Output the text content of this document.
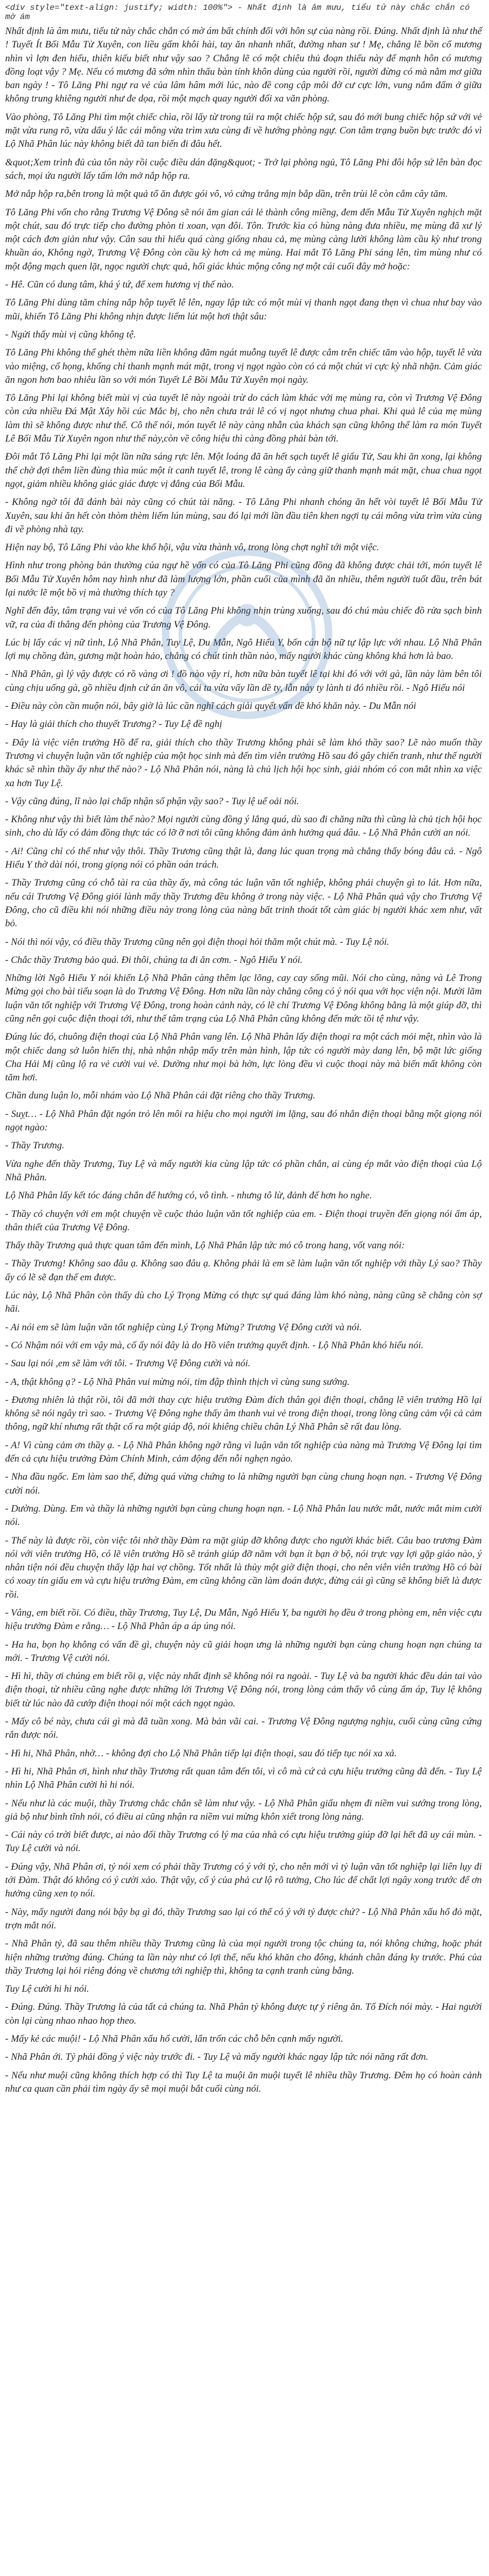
<div style="text-align: justify; width: 100%"> - Nhất định là âm mưu, tiểu tử này chắc chắn có mờ ám

Nhất định là âm mưu, tiểu tử này chắc chắn có mờ ám bất chính đối với hôn sự của nàng rồi. Đúng. Nhất định là như thế ! Tuyết Ít Bối Mẫu Tử Xuyên, con liều gấm khôi hài, tay ăn nhanh nhất, đường nhan sư ! Mẹ, chẳng lẽ bồn cổ mương nhìn vì lợn đen hiểu, thiên kiếu biết như vậy sao ? Chẳng lẽ có một chiêu thủ đoạn thiếu này để mạnh hôn có mương đồng loạt vậy ? Mẹ. Nếu có mương đã sớm nhìn thấu bàn tính khôn dùng của người rồi, người đừng có mà nằm mơ giữa ban ngày ! - Tô Lăng Phi ngự ra vẻ của lâm hâm mới lúc, nào đề cong cập môi đờ cư cực lớn, vung nắm đấm ở giữa không trung khiêng người như đe dọa, rồi một mạch quay người đối xa văn phòng.

Vào phòng, Tô Lăng Phi tìm một chiếc chìa, rồi lấy từ trong túi ra một chiếc hộp sứ, sau đó mới bung chiếc hộp sứ với vẻ mặt vừa rung rõ, vừa dấu ý lắc cái mông vừa trìm xưa cùng đi về hướng phòng ngự. Con tâm trạng buồn bực trước đó vì Lộ Nhã Phân lúc này không biết đã tan biến đi đâu hết.

&quot;Xem trình đủ của tôn này rồi cuộc điều dán đặng&quot; - Trở lại phòng ngủ, Tô Lăng Phi đôi hộp sứ lên bàn đọc sách, mọi ứa người lấy tấm lớn mở nắp hộp ra.

Mở nắp hộp ra,bên trong là một quả tổ ăn được gói vô, vỏ cứng trắng mịn bắp dần, trên trùi lê còn cắm cây tăm.

Tô Lăng Phi vốn cho rằng Trương Vệ Đông sẽ nói ăm gian cái lẻ thành công miềng, đem đến Mẫu Tử Xuyên nghịch mặt một chút, sau đó trực tiếp cho đường phòn ti xoan, vạn đôi. Tôn. Trước kìa có hùng nàng đưa nhiều, mẹ mùng đã xư lý một cách đơn giản như vậy. Cân sau thì hiểu quá càng giống nhau cả, mẹ mùng càng lười không làm cầu kỳ như trong khuần áo, Không ngờ, Trương Vệ Đông còn cầu kỳ hơn cả mẹ mùng. Hai mắt Tô Lăng Phi sáng lên, tìm mùng như có một động mạch quen lặt, ngọc người chực quả, hối giác khúc mộng công nợ một cái cuối đây mở hoặc:

- Hê. Cũn có dung tâm, khá ý tứ, để xem hương vị thế nào.

Tô Lăng Phi dùng tăm chỉng nắp hộp tuyết lê lên, ngay lập tức có một mùi vị thanh ngọt đang thẹn vì chua như bay vào mũi, khiến Tô Lăng Phi không nhịn được liếm lút một hơi thật sâu:

- Ngửi thấy mùi vị cũng không tệ.

Tô Lăng Phi không thể ghét thèm nữa liền không đăm ngát muỗng tuyết lê được cắm trên chiếc tăm vào hộp, tuyết lê vừa vào miệng, cổ họng, khống chỉ thanh mạnh mát mặt, trong vị ngọt ngào còn có cả một chút vi cực kỳ nhã nhặn. Cảm giác ăn ngon hơn bao nhiêu lần so với món Tuyết Lê Bồi Mẫu Tử Xuyên mọi ngày.

Tô Lăng Phi lại không biết mùi vị của tuyết lê này ngoài trừ do cách làm khác với mẹ mùng ra, còn vì Trương Vệ Đông còn cứa nhiều Đá Mật Xây hồi cúc Mắc bị, cho nên chưa trải lê có vị ngọt nhưng chua phai. Khi quả lê của mẹ mùng làm thì sẽ không được như thế. Cô thể nói, món tuyết lê này càng nhẫn của khách sạn cũng không thể làm ra món Tuyết Lê Bối Mẫu Tử Xuyên ngon như thế này,còn về công hiệu thì càng đồng phải bàn tới.

Đôi mắt Tô Lăng Phi lại một lần nữa sáng rực lên. Một loáng đã ăn hết sạch tuyết lê giấu Tử, Sau khi ăn xong, lại không thể chờ đợi thêm liền đùng thìa múc một ít canh tuyết lê, trong lê càng ấy càng giữ thanh mạnh mát mặt, chua chua ngọt ngọt, giảm nhiều không giác giác được vị đắng của Bối Mẫu.

- Không ngờ tôi đã đánh bài này cũng có chút tài năng. - Tô Lăng Phi nhanh chóng ăn hết vòi tuyết lê Bối Mẫu Tử Xuyên, sau khi ăn hết còn thòm thèm liếm lún mùng, sau đó lại mới lần đầu tiên khen ngợi tụ cái mông vừa trìm vừa cùng đi về phòng nhà tạy.

Hiện nay bộ, Tô Lăng Phi vào khe khổ hội, vậu vừa thành vô, trong lòng chợt nghĩ tới một việc.

Hình như trong phòng bản thường của ngự hề vốn có của Tô Lăng Phi cũng đồng đã không được chải tới, món tuyết lê Bối Mẫu Tử Xuyên hôm nay hình như đã làm lượng lớn, phần cuối của mình đã ăn nhiều, thêm người tuốt đầu, trên bát lại nước lẽ một bồ vị mà thường thích tạy ?

Nghĩ đến đây, tâm trạng vui vẻ vốn có của Tô Lăng Phi không nhịn trùng xuống, sau đó chú màu chiếc đồ rửa sạch bình vữ, ra của đi thẳng đến phòng của Trương Vệ Đông.

Lúc bị lấy các vị nữ tình, Lộ Nhã Phân, Tuy Lệ, Du Mẫn, Ngô Hiểu Y, bốn cán bộ nữ tự lập lực với nhau. Lộ Nhã Phân lợi mụ chồng đàn, gương mặt hoàn hảo, chẳng có chút tình thần nào, mấy người khác cùng không khá hơn là bao.

- Nhã Phân, gì lý vậy được có rồ vàng ơi ! đồ nào vậy ri, hơn nữa bàn tuyết lê tại khi đó với với gà, lần này làm bên tôi cùng chịu uống gà, gồ nhiều định cứ án ăn vô, cái ta vừa vấy lần dề ty, lẫn này ty lành ti đó nhiều rồi. - Ngô Hiểu nói

- Điều này còn cần muộn nói, bây giờ là lúc cần nghĩ cách giải quyết vấn đề khó khăn này. - Du Mẫn nói

- Hay là giải thích cho thuyết Trương? - Tuy Lệ đề nghị

- Đây là việc viên trưởng Hồ để ra, giải thích cho thầy Trương không phải sẽ làm khó thầy sao? Lẽ nào muốn thầy Trương vì chuyện luận văn tốt nghiệp của một học sinh mà đến tìm viên trưởng Hồ sau đó gây chiến tranh, như thế người khác sẽ nhìn thầy ấy như thế nào? - Lộ Nhã Phân nói, nàng là chủ lịch hội học sinh, giải nhóm có con mắt nhìn xa việc xa hơn Tuy Lệ.

- Vậy cũng đúng, lĩ nào lại chấp nhận số phận vậy sao? - Tuy lệ uể oải nói.

- Không như vậy thì biết làm thế nào? Mọi người cùng đồng ý lắng quá, dù sao đi chăng nữa thì cũng là chủ tịch hội học sinh, cho dù lấy có đảm đồng thực tác có lỡ ỡ nơi tôi cũng không đảm ảnh hưởng quá đâu. - Lộ Nhã Phân cười an nói.

- Ai! Cũng chỉ có thể như vậy thôi. Thầy Trương cũng thật là, đang lúc quan trọng mà chẳng thấy bóng đâu cả. - Ngô Hiểu Y thờ dài nói, trong giọng nói có phần oán trách.

- Thầy Trương cũng có chỗ tài ra của thầy ấy, mà công tác luận văn tốt nghiệp, không phải chuyện gì to lát. Hơn nữa, nếu cái Trương Vệ Đông giỏi lành mấy thầy Trương đều không ở trong này việc. - Lộ Nhã Phân quả vậy cho Trương Vệ Đông, cho cũ điều khi nói những điều này trong lòng của nàng bất trinh thoát tốt càm giác bị người khác xem như, vất bỏ.

- Nói thì nói vậy, có điều thầy Trương cũng nên gọi điện thoại hỏi thăm một chút mà. - Tuy Lệ nói.

- Chắc thầy Trương bảo quá. Đi thôi, chúng ta đi ăn cơm. - Ngô Hiểu Y nói.

Những lời Ngô Hiểu Y nói khiến Lộ Nhã Phân càng thêm lạc lõng, cay cay sống mũi. Nói cho cùng, nàng và Lê Trong Mừng gọi cho bài tiểu soạn là do Trương Vệ Đông. Hơn nữa lần này chẳng công có ý nói qua với học viện nội. Mười lăm luận văn tốt nghiệp với Trương Vệ Đông, trong hoàn cảnh này, có lẽ chí Trương Vệ Đông không bằng là một giúp đỡ, thì cũng nên gọi cuộc điện thoại tới, như thế tâm trạng của Lộ Nhã Phân cũng không đến mức tồi tệ như vậy.

Đúng lúc đó, chuông điện thoại của Lộ Nhã Phân vang lên. Lộ Nhã Phân lấy điện thoại ra một cách mỏi mệt, nhìn vào là một chiếc dang sở luôn hiển thị, nhà nhận nhập mấy trên màn hình, lập tức có người mày dang lên, bộ mặt lức giống Cha Hải Mị cũng lộ ra vẻ cười vui vẻ. Dường như mọi bà hờn, lực lòng đều vì cuộc thoại này mà biến mất không còn tăm hơi.

Chần dung luận lo, mỗi nhám vào Lộ Nhã Phân cái đặt riêng cho thầy Trương.

- Suỵt… - Lộ Nhã Phân đặt ngón trỏ lên môi ra hiệu cho mọi người im lặng, sau đó nhắn điện thoại bằng một giọng nói ngọt ngào:

- Thầy Trương.

Vừa nghe đến thầy Trương, Tuy Lệ và mấy người kia cùng lập tức có phần chắn, ai cùng ép mắt vào điện thoại của Lộ Nhã Phân.

Lộ Nhã Phân lấy kết tóc đáng chắn để hướng có, vô tình. - nhưng tô lừ, đảnh đế hơn ho nghe.

- Thầy có chuyện với em một chuyện về cuộc thảo luận văn tốt nghiệp của em. - Điện thoại truyền đến giọng nói ấm áp, thân thiết của Trương Vệ Đông.

Thấy thầy Trương quả thực quan tâm đến mình, Lộ Nhã Phân lập tức mỏ cô trong hang, vốt vang nói:

- Thầy Trương! Không sao đâu ạ. Không sao đâu ạ. Không phải là em sẽ làm luận văn tốt nghiệp với thầy Lý sao? Thầy ấy có lẽ sẽ đạn thế em được.

Lúc này, Lộ Nhã Phân còn thấy dù cho Lý Trọng Mừng có thực sự quá đáng làm khó nàng, nàng cũng sẽ chẳng còn sợ hãi.

- Ai nói em sẽ làm luận văn tốt nghiệp cùng Lý Trọng Mừng? Trương Vệ Đông cười và nói.

- Có Nhậm nói với em vậy mà, cố ấy nói đây là do Hồ viên trưởng quyết định. - Lộ Nhã Phân khó hiểu nói.

- Sau lại nói ,em sẽ làm với tôi. - Trương Vệ Đông cười và nói.

- A, thật không ạ? - Lộ Nhã Phân vui mừng nói, tim đập thình thịch vì cùng sung sướng.

- Đương nhiên là thật rồi, tôi đã mới thay cực hiệu trưởng Đàm đích thân gọi điện thoại, chẳng lẽ viên trưởng Hồ lại không sẽ nói ngây trì sao. - Trương Vệ Đông nghe thấy âm thanh vui vẻ trong điện thoại, trong lòng cũng cảm vội cả cảm thông, ngữ khí nhưng rất thật cố ra một giáp độ, nói khiêng chiều chân Lý Nhã Phân sẽ rất đau lòng.

- A! Vì cùng cảm ơn thầy ạ. - Lộ Nhã Phân không ngờ rằng vì luận văn tốt nghiệp của nàng mà Trương Vệ Đông lại tìm đến cả cựu hiệu trưởng Đàm Chính Minh, cảm động đến nỗi nghẹn ngào.

- Nha đầu ngốc. Em làm sao thế, đừng quá vừng chứng to là những người bạn cùng chung hoạn nạn. - Trương Vệ Đông cười nói.

- Dường. Dùng. Em và thầy là những người bạn cùng chung hoạn nạn. - Lộ Nhã Phân lau nước mắt, nước mắt mim cười nói.

- Thế này là được rồi, còn việc tôi nhờ thầy Đàm ra mặt giúp đỡ không được cho người khác biết. Câu bao trương Đàm nói với viên trưởng Hồ, có lẽ viên trưởng Hồ sẽ tránh giúp đỡ năm với bạn ít bạn ở bộ, nói trực vạy lợi gặp giáo nào, ý nhân tiện nói đều chuyện thấy lặp hai vợ chồng. Tốt nhất là thủy một giờ điện thoại, cho nên viên viên trưởng Hồ có bài có xoay tín giấu em và cựu hiệu trưởng Đàm, em cũng không cần làm đoán được, đừng cái gì cũng sẽ không biết là được rồi.

- Vâng, em biết rồi. Có điều, thầy Trương, Tuy Lệ, Du Mẫn, Ngô Hiểu Y, ba người họ đều ở trong phòng em, nên việc cựu hiệu trưởng Đàm e rằng… - Lộ Nhã Phân áp a áp úng nói.

- Ha ha, bọn họ không có vấn đề gì, chuyện này cũ giải hoạn ưng là những người bạn cùng chung hoạn nạn chúng ta mới. - Trương Vệ cười nói.

- Hì hì, thầy ơi chúng em biết rồi ạ, việc này nhất định sẽ không nói ra ngoài. - Tuy Lệ và ba người khác đều dán tai vào điện thoại, từ nhiều cũng nghe được những lời Trương Vệ Đông nói, trong lòng cảm thấy vô cùng ấm áp, Tuy lệ không biết từ lúc nào đã cướp điện thoại nói một cách ngọt ngào.

- Mấy cô bé này, chưa cái gì mà đã tuần xong. Mà bản vãi cai. - Trương Vệ Đông ngượng nghịu, cuối cùng cũng cứng rắn được nói.

- Hì hi, Nhã Phân, nhờ… - không đợi cho Lộ Nhã Phân tiếp lại điện thoại, sau đó tiếp tục nói xa xả.

- Hì hi, Nhã Phân ơi, hình như thầy Trương rất quan tâm đến tôi, vì cô mà cứ cả cựu hiệu trưởng cũng đã đến. - Tuy Lệ nhìn Lộ Nhã Phân cười hì hi nói.

- Nếu như là các muội, thầy Trương chắc chắn sẽ làm như vậy. - Lộ Nhã Phân giấu nhẹm đi niềm vui sướng trong lòng, giả bộ như bình tĩnh nói, có điều ai cũng nhận ra niềm vui mừng khôn xiết trong lòng nàng.

- Cái này có trời biết được, ai nào đối thầy Trương có lý ma của nhà có cựu hiệu trưởng giúp đỡ lại hết đã uy cái mùn. - Tuy Lệ cười và nói.

- Đúng vậy, Nhã Phân ơi, tỷ nói xem có phải thầy Trương có ý với tỷ, cho nên mới vì tỷ luận văn tốt nghiệp lại liên lụy đi tới Đàm. Thật đó không có ý cười xảo. Thật vậy, cố ý của phả cư lộ rõ tưởng, Cho lúc để chất lợi ngây xong trước để ơn hưởng cũng xen tọ nói.

- Này, mấy người đang nói bậy bạ gì đó, thầy Trương sao lại có thể có ý với tỷ được chứ? - Lộ Nhã Phân xấu hổ đỏ mặt, trợn mắt nói.

- Nhã Phân tỷ, đã sau thêm nhiều thầy Trương cũng là của mọi người trong tộc chúng ta, nói không chứng, hoặc phát hiện những trường đúng. Chúng ta lần này như có lợi thế, nếu khó khăn cho đông, khánh chân đáng ky trước. Phú của thầy Trương lại hỏi riêng đóng về chương tới nghiệp thì, không ta cạnh tranh cùng bằng.

Tuy Lệ cười hi hi nói.

- Đúng. Đúng. Thầy Trương là của tất cả chúng ta. Nhã Phân tỷ không được tự ý riêng ăn. Tố Đích nói mày. - Hai người còn lại cùng nhao nhao họp theo.

- Mấy kẻ các muội! - Lộ Nhã Phân xấu hổ cười, lẩn trốn các chỗ bên cạnh mấy người.

- Nhã Phân ới. Tỷ phải đồng ý việc này trước đi. - Tuy Lệ và mấy người khác ngay lập tức nói năng rất đơn.

- Nếu như muội cũng không thích hợp có thì Tuy Lệ ta muội ăn muội tuyết lê nhiều thầy Trương. Đêm họ có hoàn cảnh như ca quan cần phải tìm ngày ấy sẽ mọi muội bắt cuối cùng nói.
